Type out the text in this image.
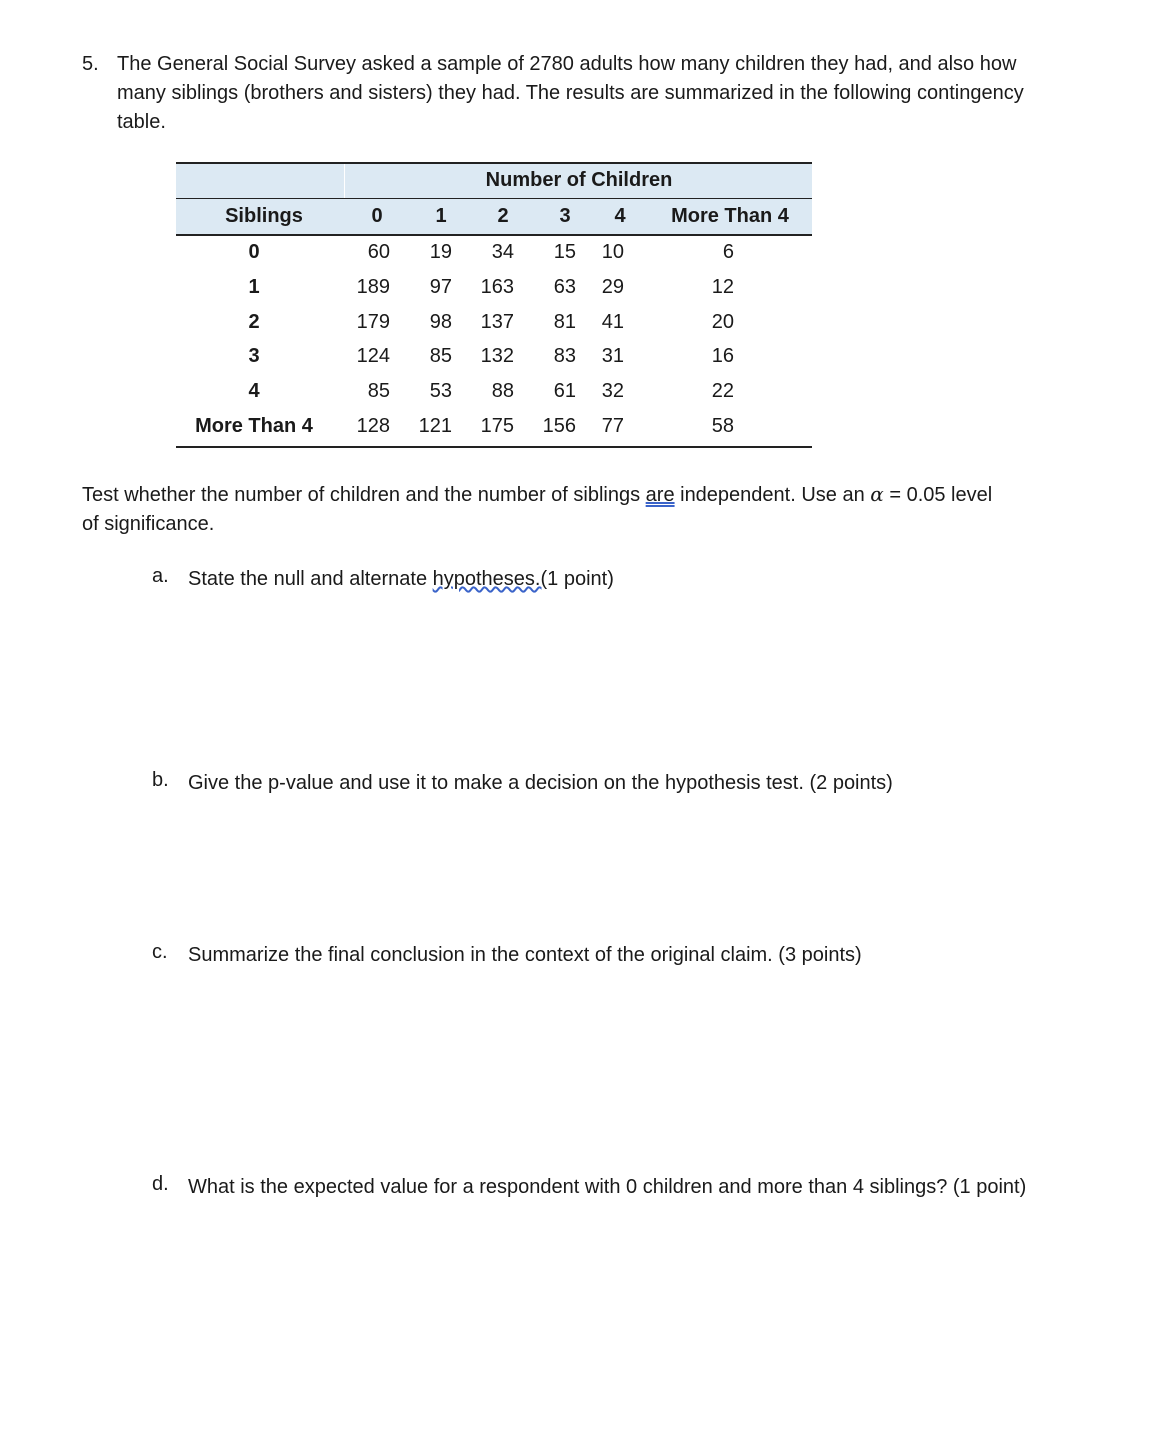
5. The General Social Survey asked a sample of 2780 adults how many children they had, and also how
many siblings (brothers and sisters) they had. The results are summarized in the following contingency
table.
Number of Children
Siblings	0	1	2	3	4	More Than 4
0	60	19	34	15	10	6
1	189	97	163	63	29	12
2	179	98	137	81	41	20
3	124	85	132	83	31	16
4	85	53	88	61	32	22
More Than 4	128	121	175	156	77	58
Test whether the number of children and the number of siblings are independent. Use an α = 0.05 level
of significance.
a. State the null and alternate hypotheses.(1 point)
b. Give the p-value and use it to make a decision on the hypothesis test. (2 points)
c. Summarize the final conclusion in the context of the original claim. (3 points)
d. What is the expected value for a respondent with 0 children and more than 4 siblings? (1 point)
